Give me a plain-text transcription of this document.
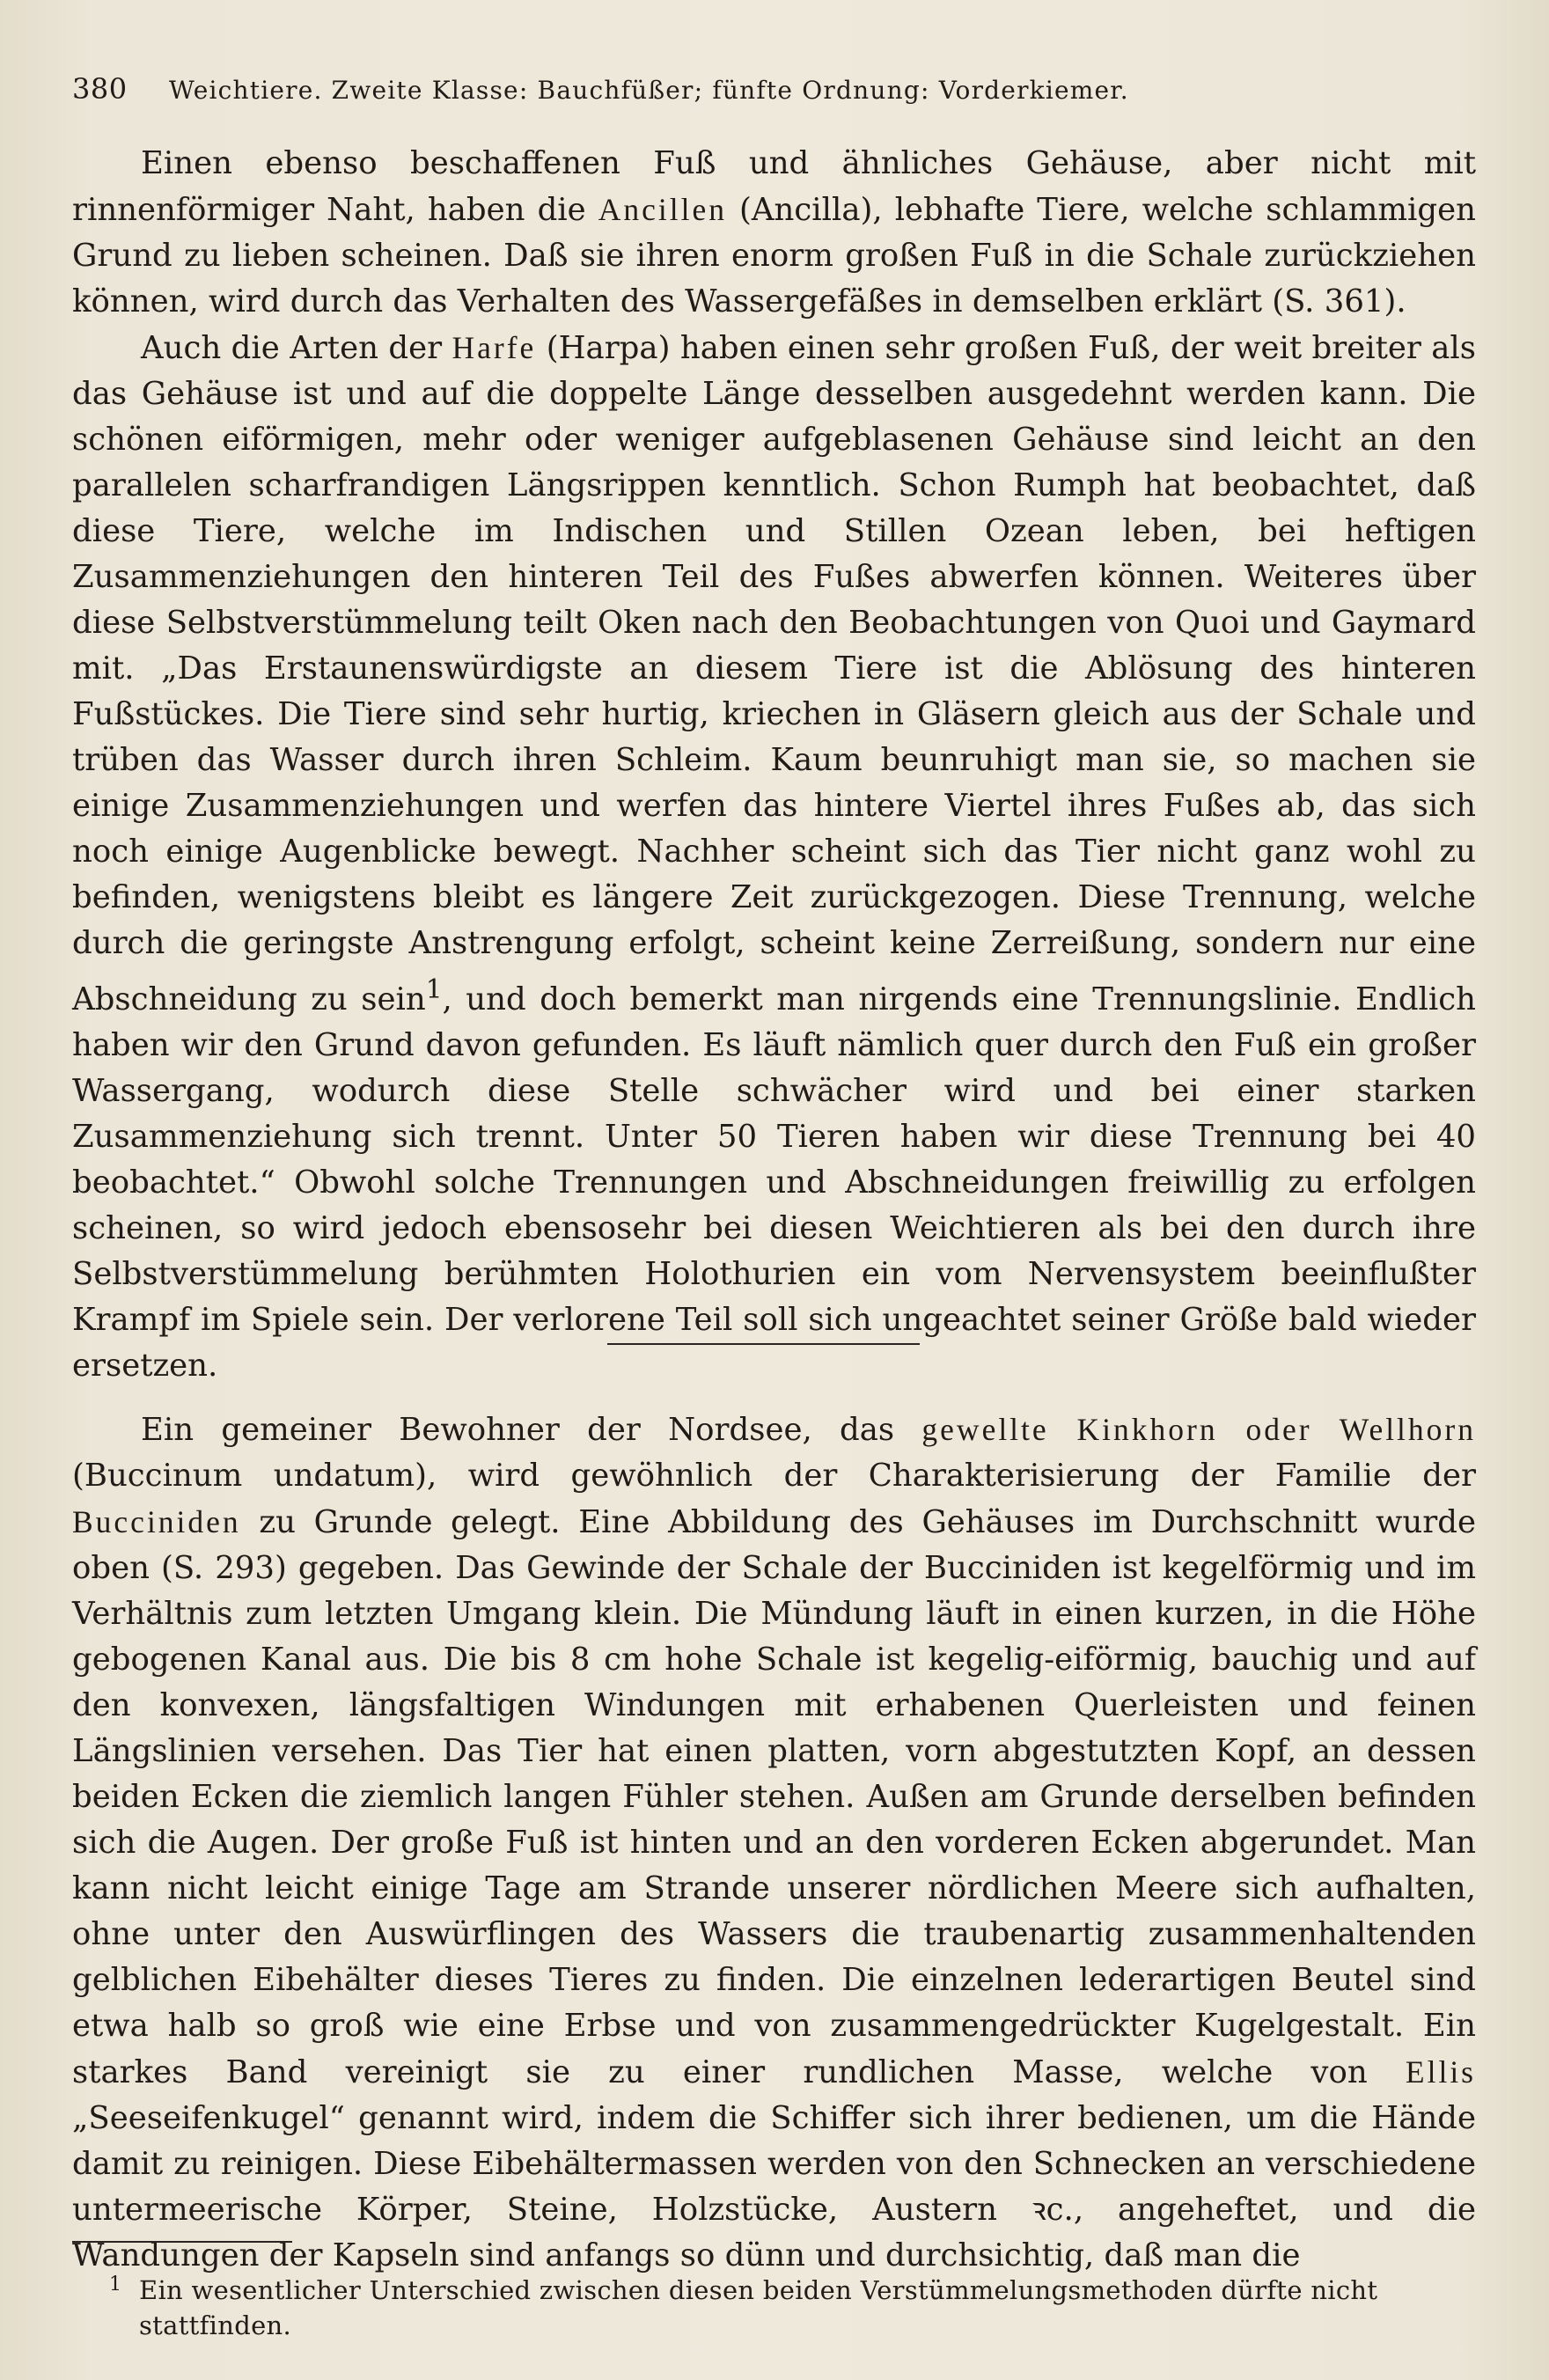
380	Weichtiere. Zweite Klasse: Bauchfüßer; fünfte Ordnung: Vorderkiemer.

Einen ebenso beschaffenen Fuß und ähnliches Gehäuse, aber nicht mit rinnenförmiger Naht, haben die Ancillen (Ancilla), lebhafte Tiere, welche schlammigen Grund zu lieben scheinen. Daß sie ihren enorm großen Fuß in die Schale zurückziehen können, wird durch das Verhalten des Wassergefäßes in demselben erklärt (S. 361).

Auch die Arten der Harfe (Harpa) haben einen sehr großen Fuß, der weit breiter als das Gehäuse ist und auf die doppelte Länge desselben ausgedehnt werden kann. Die schönen eiförmigen, mehr oder weniger aufgeblasenen Gehäuse sind leicht an den parallelen scharfrandigen Längsrippen kenntlich. Schon Rumph hat beobachtet, daß diese Tiere, welche im Indischen und Stillen Ozean leben, bei heftigen Zusammenziehungen den hinteren Teil des Fußes abwerfen können. Weiteres über diese Selbstverstümmelung teilt Oken nach den Beobachtungen von Quoi und Gaymard mit. „Das Erstaunenswürdigste an diesem Tiere ist die Ablösung des hinteren Fußstückes. Die Tiere sind sehr hurtig, kriechen in Gläsern gleich aus der Schale und trüben das Wasser durch ihren Schleim. Kaum beunruhigt man sie, so machen sie einige Zusammenziehungen und werfen das hintere Viertel ihres Fußes ab, das sich noch einige Augenblicke bewegt. Nachher scheint sich das Tier nicht ganz wohl zu befinden, wenigstens bleibt es längere Zeit zurückgezogen. Diese Trennung, welche durch die geringste Anstrengung erfolgt, scheint keine Zerreißung, sondern nur eine Abschneidung zu sein$^1$, und doch bemerkt man nirgends eine Trennungslinie. Endlich haben wir den Grund davon gefunden. Es läuft nämlich quer durch den Fuß ein großer Wassergang, wodurch diese Stelle schwächer wird und bei einer starken Zusammenziehung sich trennt. Unter 50 Tieren haben wir diese Trennung bei 40 beobachtet.“ Obwohl solche Trennungen und Abschneidungen freiwillig zu erfolgen scheinen, so wird jedoch ebensosehr bei diesen Weichtieren als bei den durch ihre Selbstverstümmelung berühmten Holothurien ein vom Nervensystem beeinflußter Krampf im Spiele sein. Der verlorene Teil soll sich ungeachtet seiner Größe bald wieder ersetzen.

Ein gemeiner Bewohner der Nordsee, das gewellte Kinkhorn oder Wellhorn (Buccinum undatum), wird gewöhnlich der Charakterisierung der Familie der Bucciniden zu Grunde gelegt. Eine Abbildung des Gehäuses im Durchschnitt wurde oben (S. 293) gegeben. Das Gewinde der Schale der Bucciniden ist kegelförmig und im Verhältnis zum letzten Umgang klein. Die Mündung läuft in einen kurzen, in die Höhe gebogenen Kanal aus. Die bis 8 cm hohe Schale ist kegelig-eiförmig, bauchig und auf den konvexen, längsfaltigen Windungen mit erhabenen Querleisten und feinen Längslinien versehen. Das Tier hat einen platten, vorn abgestutzten Kopf, an dessen beiden Ecken die ziemlich langen Fühler stehen. Außen am Grunde derselben befinden sich die Augen. Der große Fuß ist hinten und an den vorderen Ecken abgerundet. Man kann nicht leicht einige Tage am Strande unserer nördlichen Meere sich aufhalten, ohne unter den Auswürflingen des Wassers die traubenartig zusammenhaltenden gelblichen Eibehälter dieses Tieres zu finden. Die einzelnen lederartigen Beutel sind etwa halb so groß wie eine Erbse und von zusammengedrückter Kugelgestalt. Ein starkes Band vereinigt sie zu einer rundlichen Masse, welche von Ellis „Seeseifenkugel“ genannt wird, indem die Schiffer sich ihrer bedienen, um die Hände damit zu reinigen. Diese Eibehältermassen werden von den Schnecken an verschiedene untermeerische Körper, Steine, Holzstücke, Austern ꝛc., angeheftet, und die Wandungen der Kapseln sind anfangs so dünn und durchsichtig, daß man die

1 Ein wesentlicher Unterschied zwischen diesen beiden Verstümmelungsmethoden dürfte nicht stattfinden.
